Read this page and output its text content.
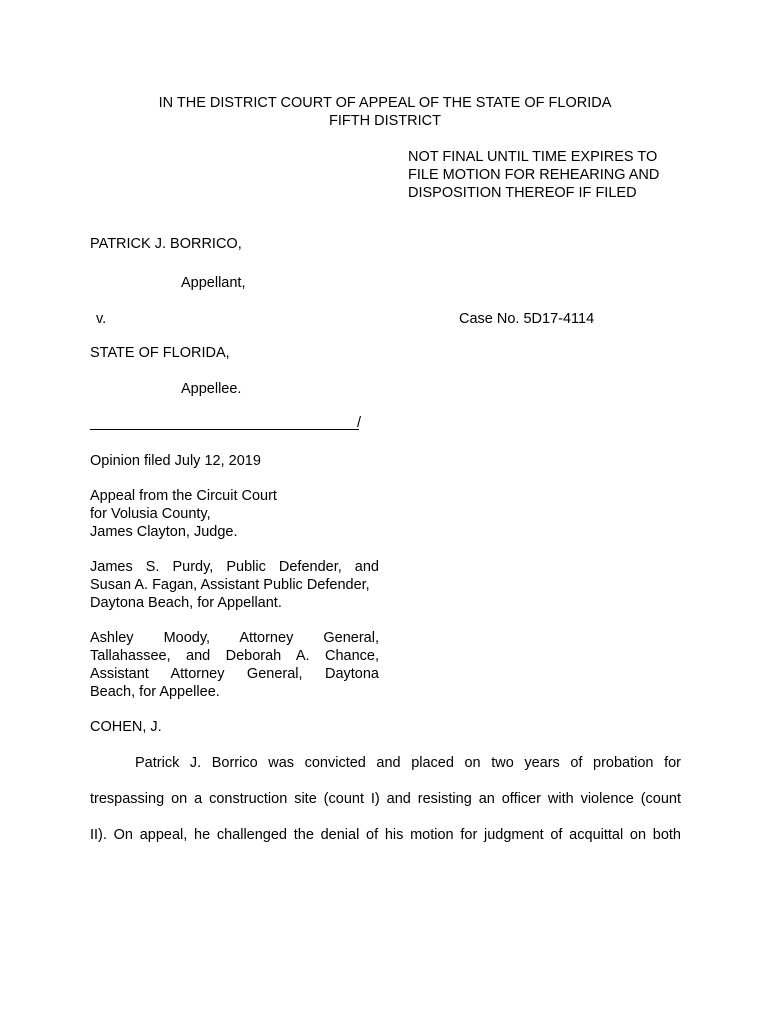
IN THE DISTRICT COURT OF APPEAL OF THE STATE OF FLORIDA
FIFTH DISTRICT
NOT FINAL UNTIL TIME EXPIRES TO
FILE MOTION FOR REHEARING AND
DISPOSITION THEREOF IF FILED
PATRICK J. BORRICO,
Appellant,
v.	Case No. 5D17-4114
STATE OF FLORIDA,
Appellee.
/
Opinion filed July 12, 2019
Appeal from the Circuit Court
for Volusia County,
James Clayton, Judge.
James S. Purdy, Public Defender, and
Susan A. Fagan, Assistant Public Defender,
Daytona Beach, for Appellant.
Ashley Moody, Attorney General,
Tallahassee, and Deborah A. Chance,
Assistant Attorney General, Daytona
Beach, for Appellee.
COHEN, J.
Patrick J. Borrico was convicted and placed on two years of probation for
trespassing on a construction site (count I) and resisting an officer with violence (count
II). On appeal, he challenged the denial of his motion for judgment of acquittal on both
